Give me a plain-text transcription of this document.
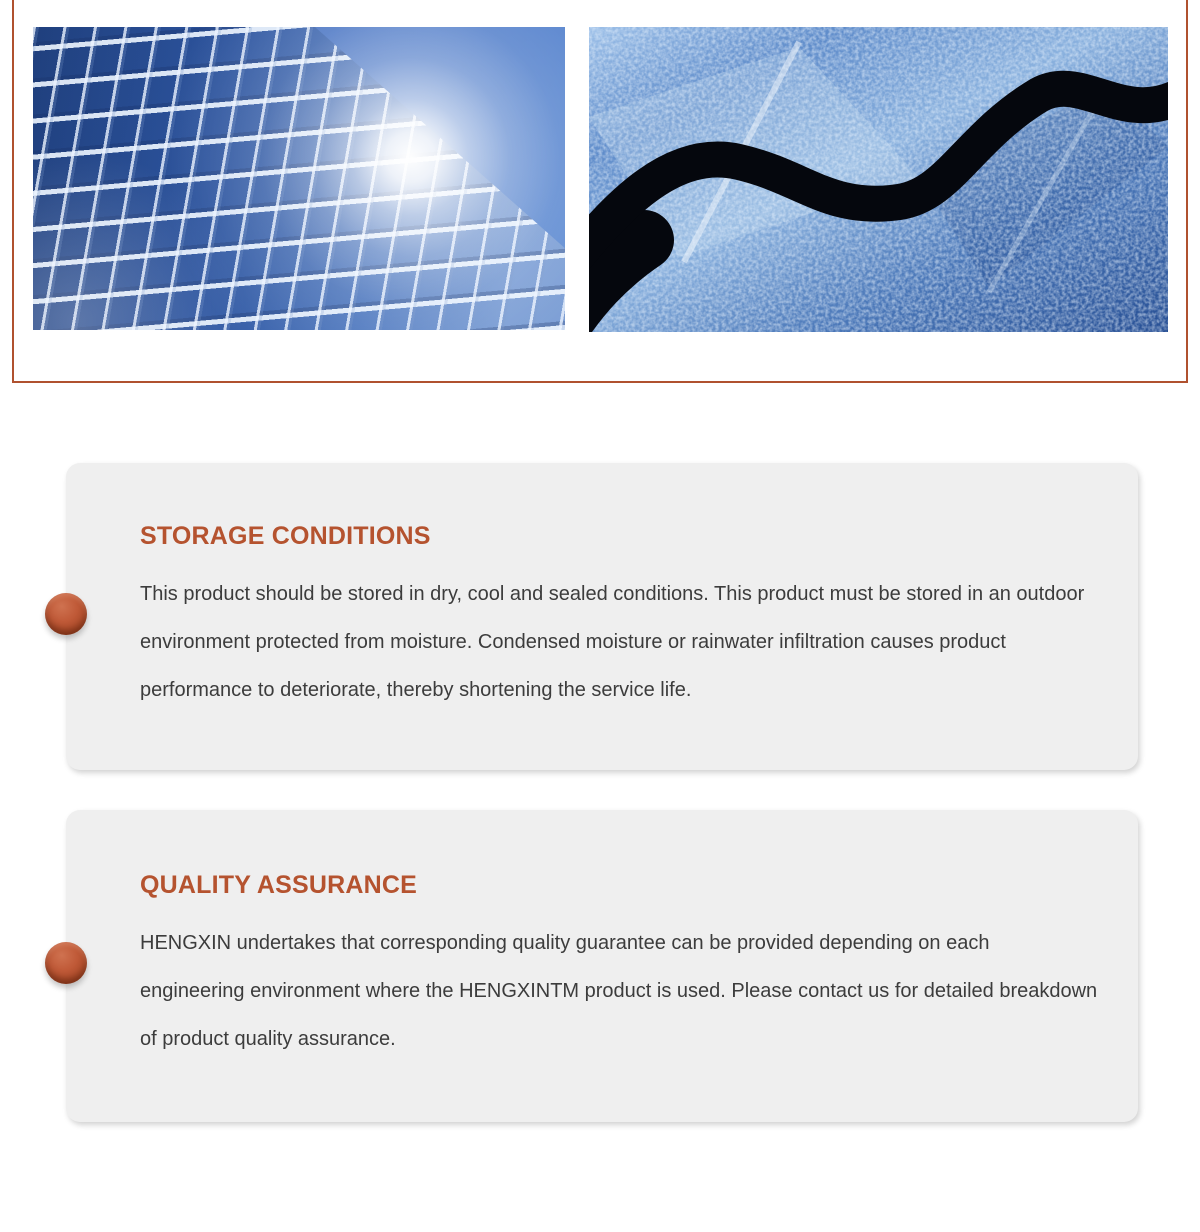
STORAGE CONDITIONS

This product should be stored in dry, cool and sealed conditions. This product must be stored in an outdoor environment protected from moisture. Condensed moisture or rainwater infiltration causes product performance to deteriorate, thereby shortening the service life.

QUALITY ASSURANCE

HENGXIN undertakes that corresponding quality guarantee can be provided depending on each engineering environment where the HENGXINTM product is used. Please contact us for detailed breakdown of product quality assurance.
